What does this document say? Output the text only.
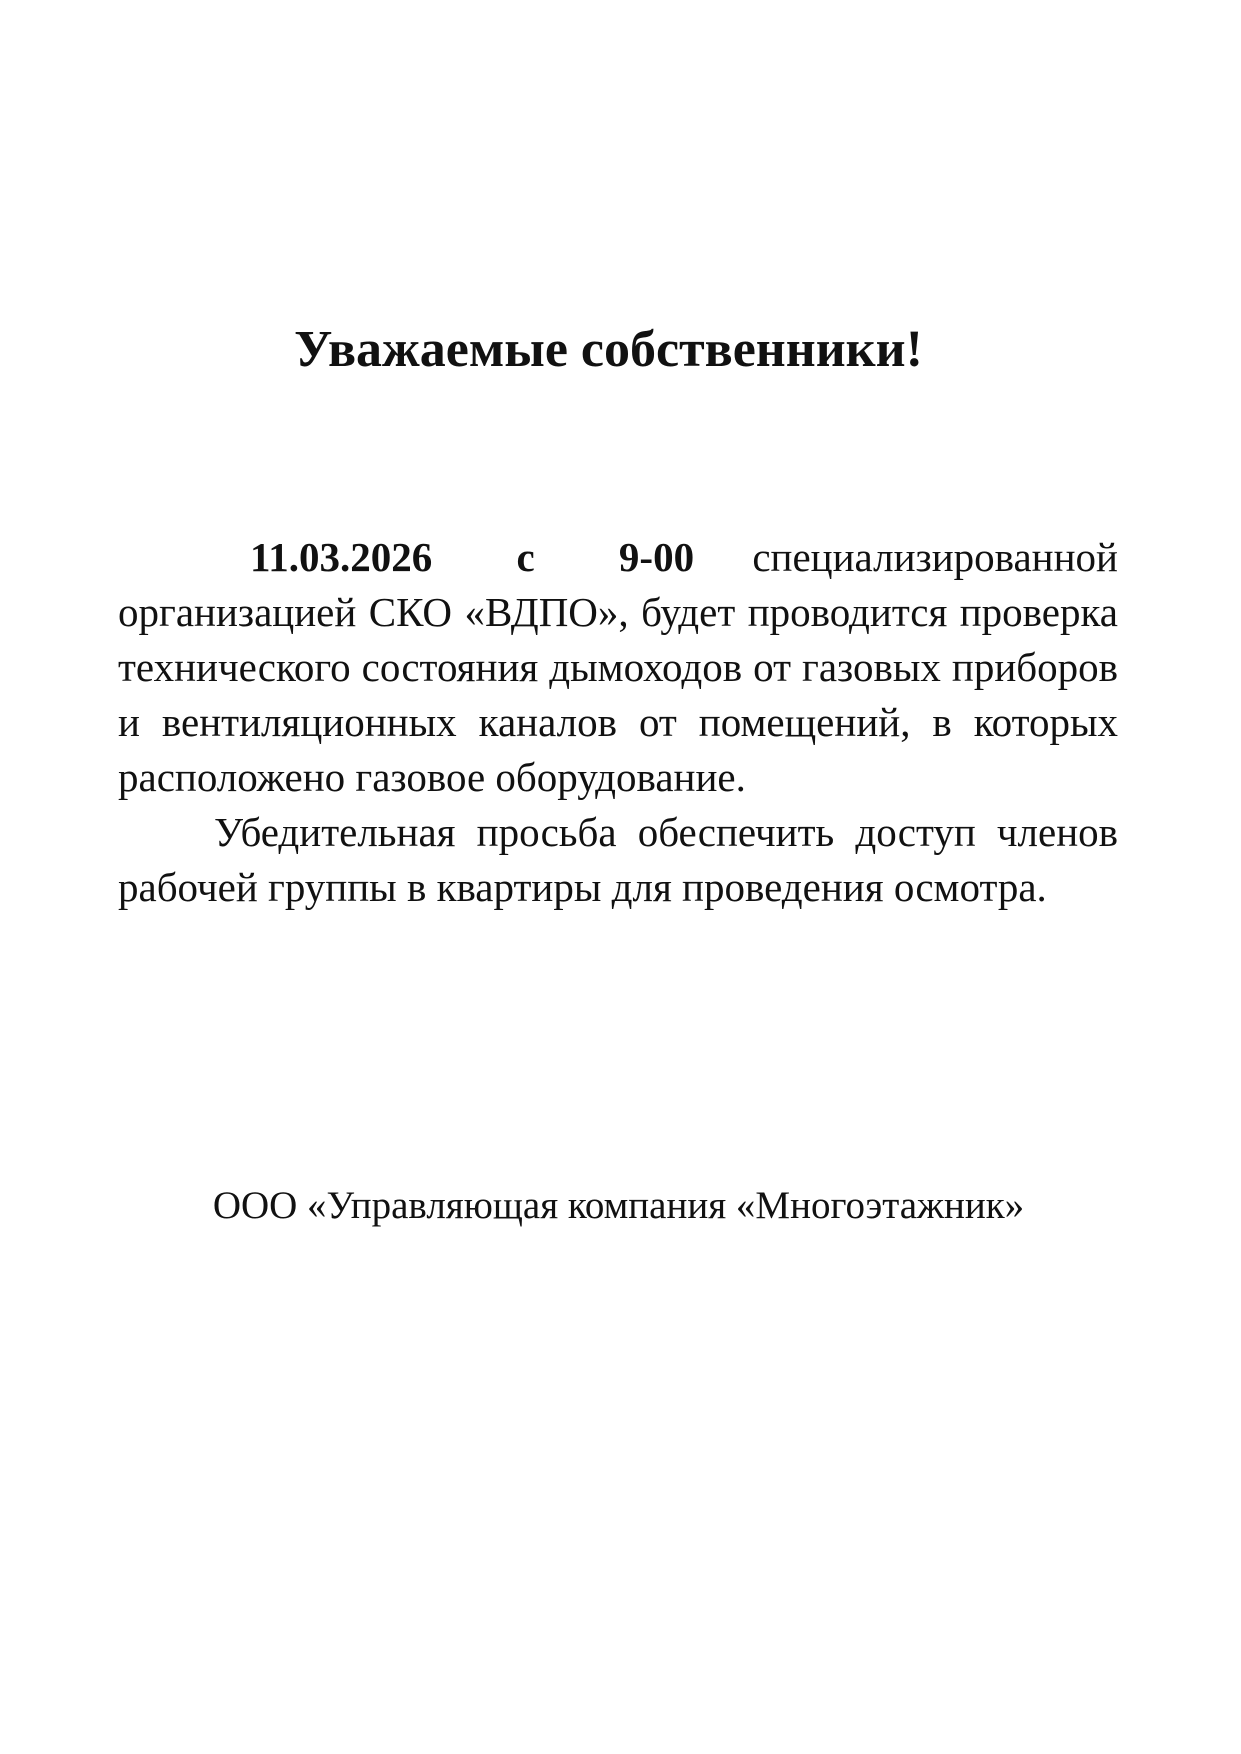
Уважаемые собственники!

11.03.2026 с 9-00 специализированной организацией СКО «ВДПО», будет проводится проверка технического состояния дымоходов от газовых приборов и вентиляционных каналов от помещений, в которых расположено газовое оборудование.

Убедительная просьба обеспечить доступ членов рабочей группы в квартиры для проведения осмотра.

ООО «Управляющая компания «Многоэтажник»
